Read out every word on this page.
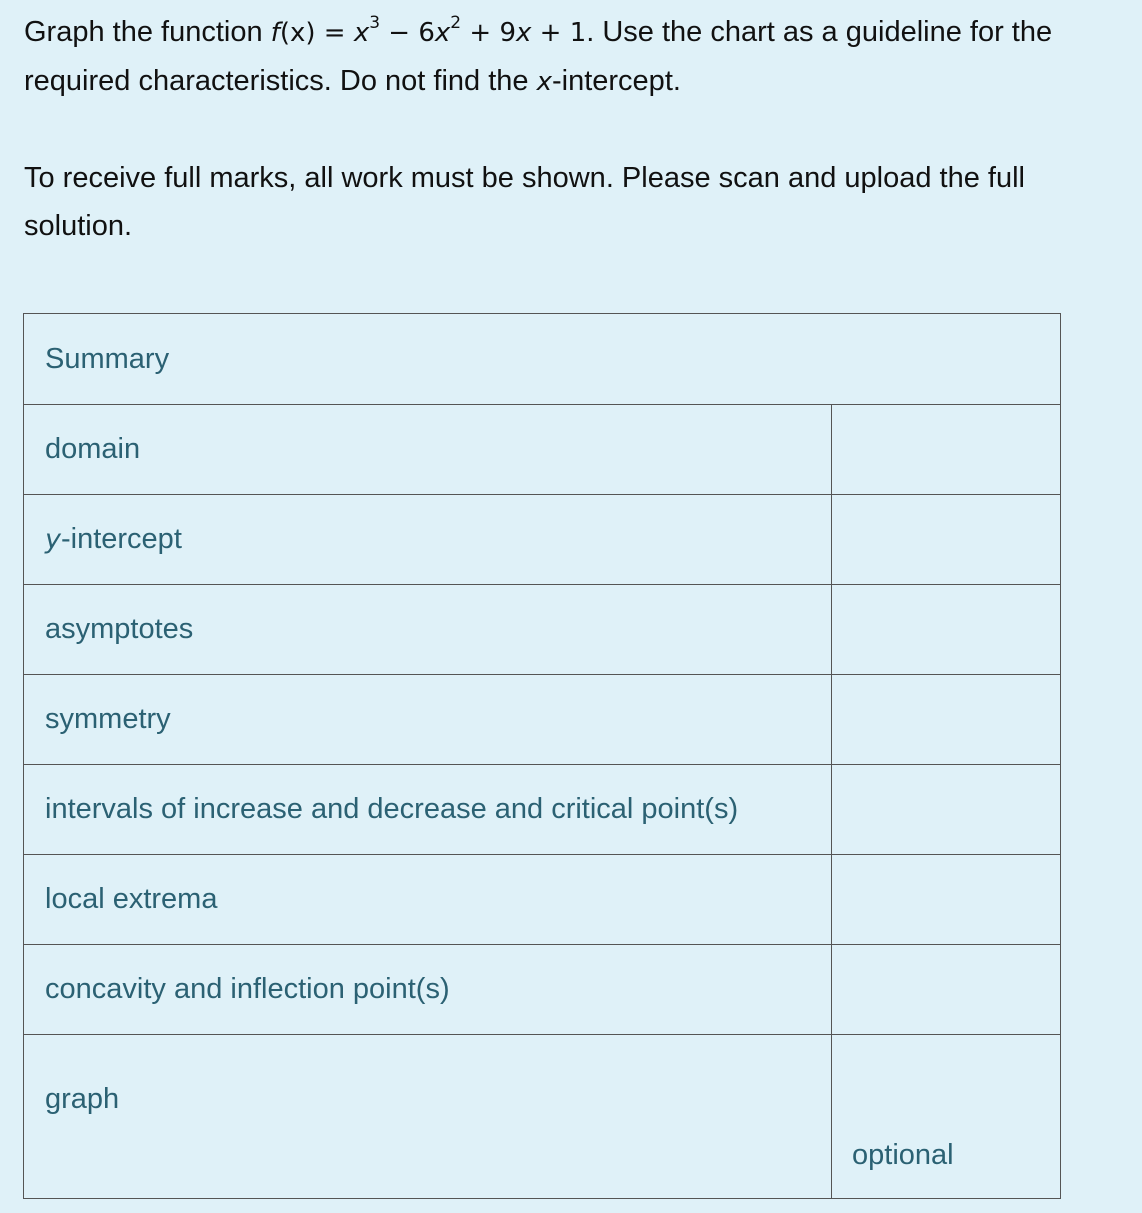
Graph the function $f(x) = x^3 - 6x^2 + 9x + 1$. Use the chart as a guideline for the required characteristics. Do not find the x-intercept.

To receive full marks, all work must be shown. Please scan and upload the full solution.

Summary	
domain	
y-intercept	
asymptotes	
symmetry	
intervals of increase and decrease and critical point(s)	
local extrema	
concavity and inflection point(s)	
graph	optional
